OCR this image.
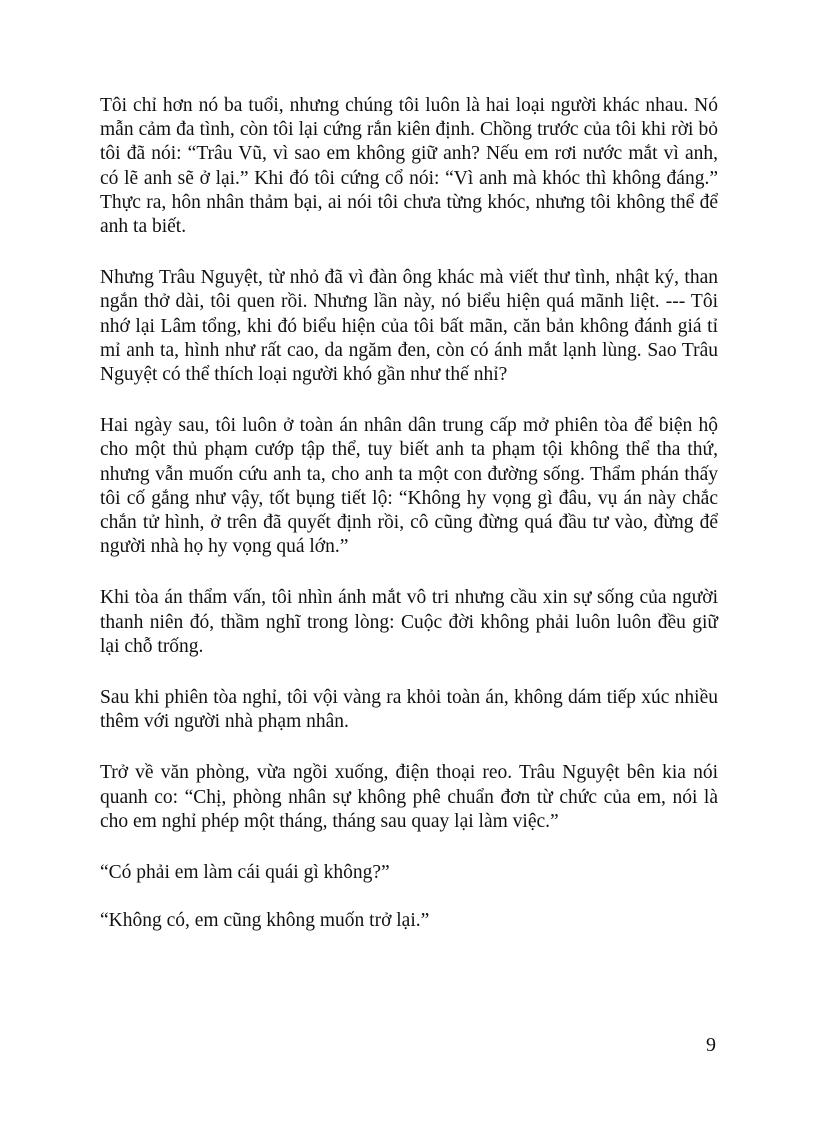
Tôi chỉ hơn nó ba tuổi, nhưng chúng tôi luôn là hai loại người khác nhau. Nó mẫn cảm đa tình, còn tôi lại cứng rắn kiên định. Chồng trước của tôi khi rời bỏ tôi đã nói: “Trâu Vũ, vì sao em không giữ anh? Nếu em rơi nước mắt vì anh, có lẽ anh sẽ ở lại.” Khi đó tôi cứng cổ nói: “Vì anh mà khóc thì không đáng.” Thực ra, hôn nhân thảm bại, ai nói tôi chưa từng khóc, nhưng tôi không thể để anh ta biết.

Nhưng Trâu Nguyệt, từ nhỏ đã vì đàn ông khác mà viết thư tình, nhật ký, than ngắn thở dài, tôi quen rồi. Nhưng lần này, nó biểu hiện quá mãnh liệt. --- Tôi nhớ lại Lâm tổng, khi đó biểu hiện của tôi bất mãn, căn bản không đánh giá tỉ mỉ anh ta, hình như rất cao, da ngăm đen, còn có ánh mắt lạnh lùng. Sao Trâu Nguyệt có thể thích loại người khó gần như thế nhỉ?

Hai ngày sau, tôi luôn ở toàn án nhân dân trung cấp mở phiên tòa để biện hộ cho một thủ phạm cướp tập thể, tuy biết anh ta phạm tội không thể tha thứ, nhưng vẫn muốn cứu anh ta, cho anh ta một con đường sống. Thẩm phán thấy tôi cố gắng như vậy, tốt bụng tiết lộ: “Không hy vọng gì đâu, vụ án này chắc chắn tử hình, ở trên đã quyết định rồi, cô cũng đừng quá đầu tư vào, đừng để người nhà họ hy vọng quá lớn.”

Khi tòa án thẩm vấn, tôi nhìn ánh mắt vô tri nhưng cầu xin sự sống của người thanh niên đó, thầm nghĩ trong lòng: Cuộc đời không phải luôn luôn đều giữ lại chỗ trống.

Sau khi phiên tòa nghỉ, tôi vội vàng ra khỏi toàn án, không dám tiếp xúc nhiều thêm với người nhà phạm nhân.

Trở về văn phòng, vừa ngồi xuống, điện thoại reo. Trâu Nguyệt bên kia nói quanh co: “Chị, phòng nhân sự không phê chuẩn đơn từ chức của em, nói là cho em nghỉ phép một tháng, tháng sau quay lại làm việc.”

“Có phải em làm cái quái gì không?”

“Không có, em cũng không muốn trở lại.”

9
